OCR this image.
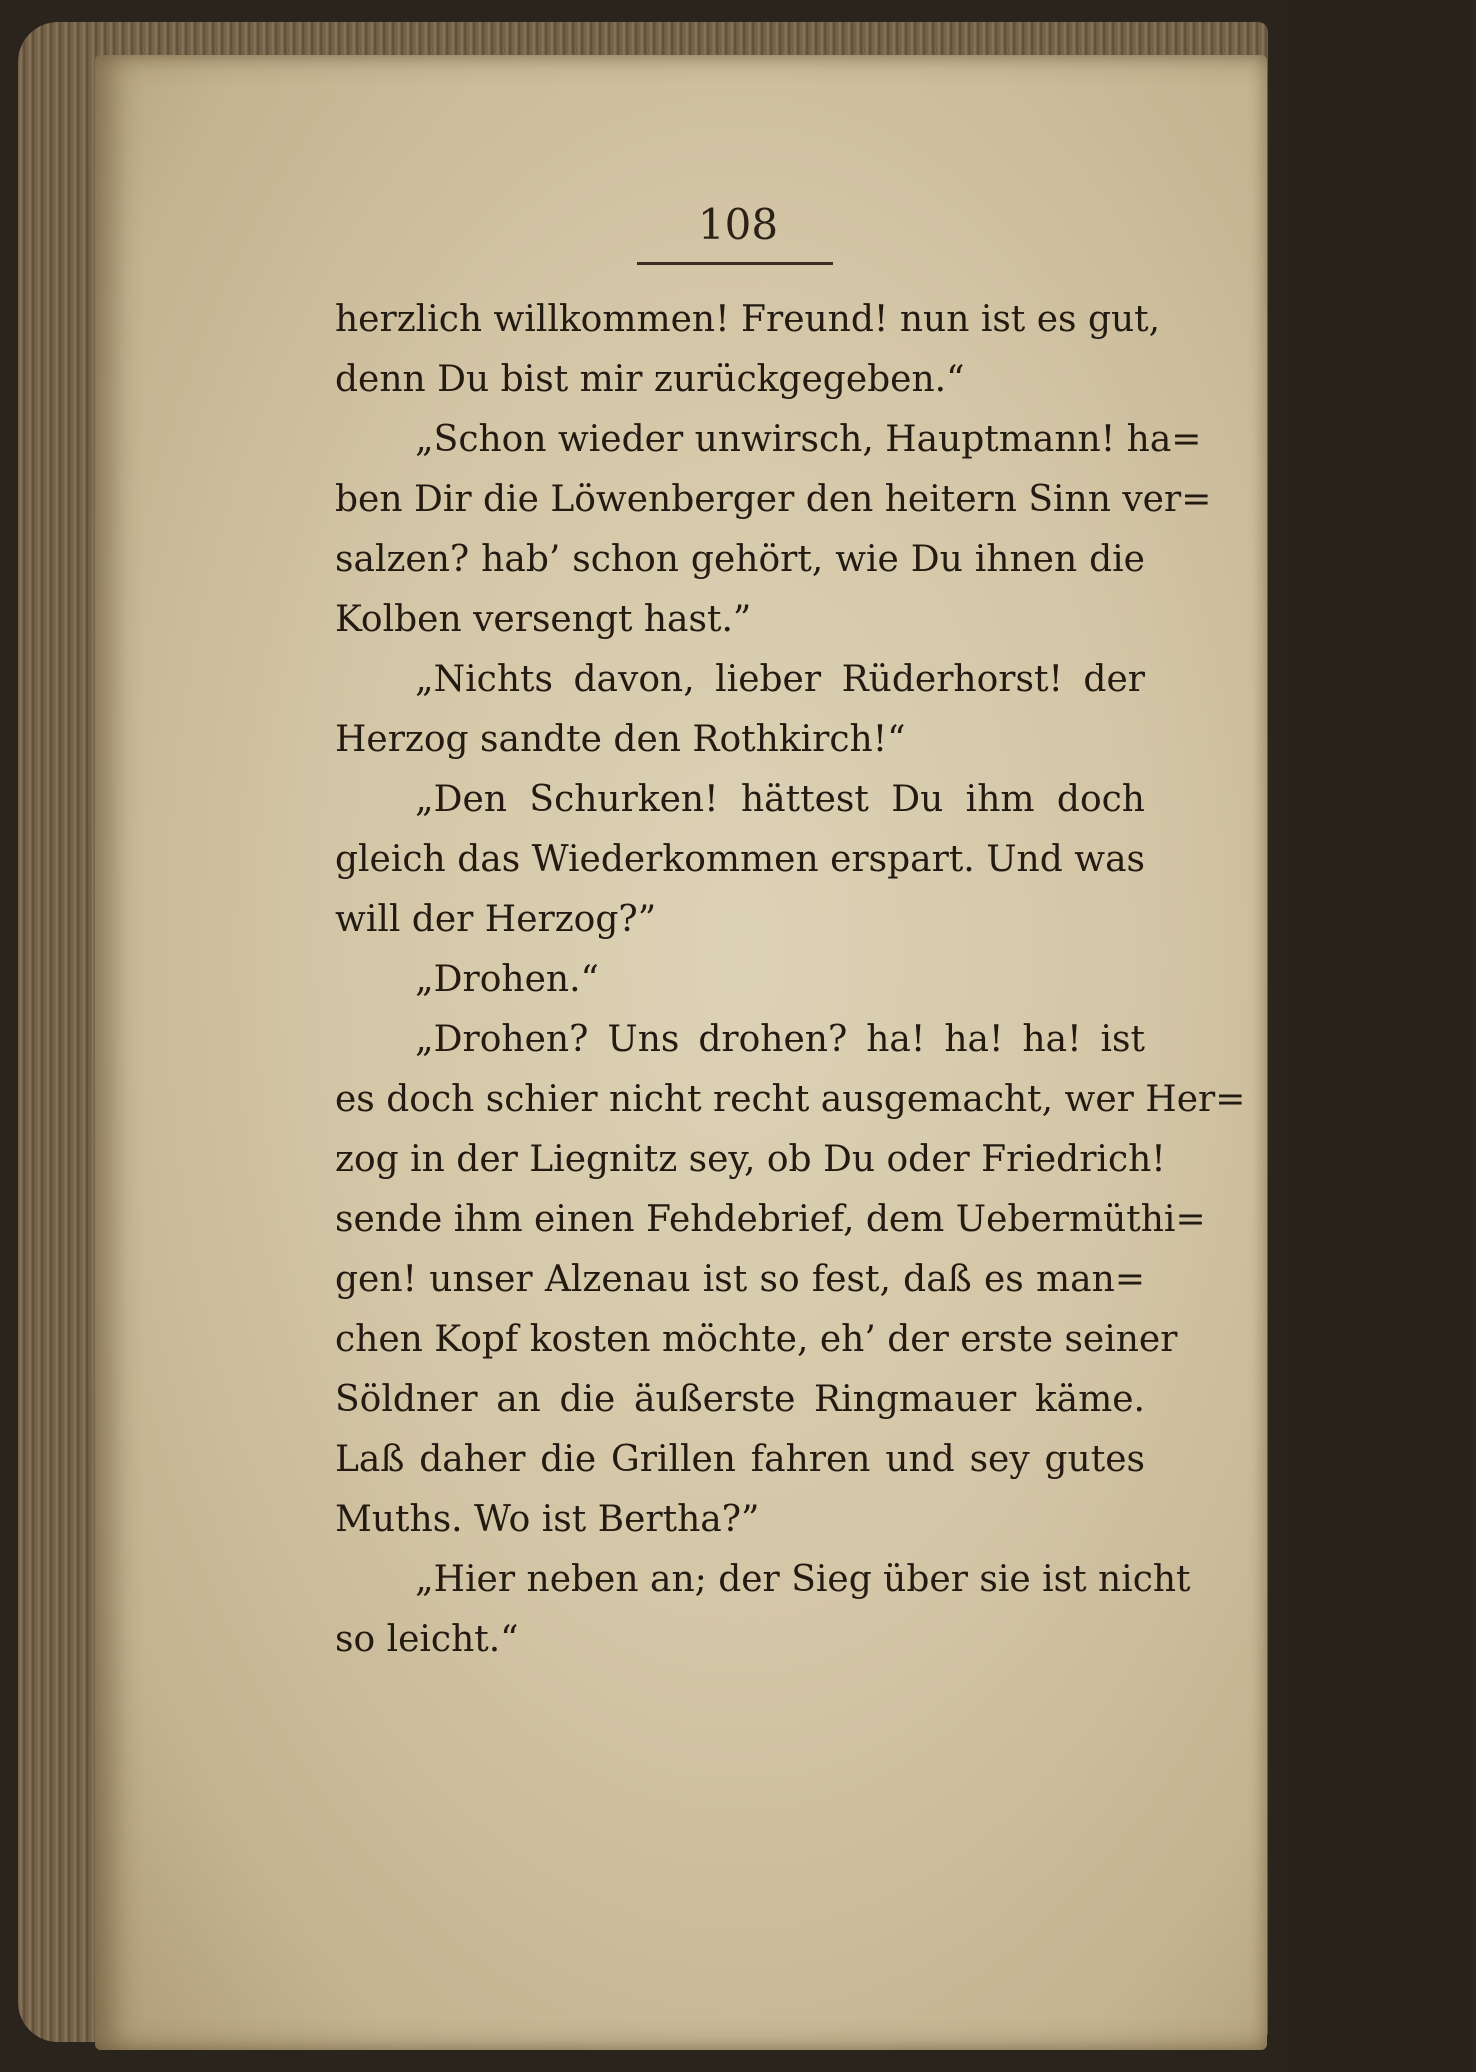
108
herzlich willkommen! Freund! nun ist es gut,
denn Du bist mir zurückgegeben.“
„Schon wieder unwirsch, Hauptmann! ha=
ben Dir die Löwenberger den heitern Sinn ver=
salzen? hab’ schon gehört, wie Du ihnen die
Kolben versengt hast.”
„Nichts davon, lieber Rüderhorst! der
Herzog sandte den Rothkirch!“
„Den Schurken! hättest Du ihm doch
gleich das Wiederkommen erspart. Und was
will der Herzog?”
„Drohen.“
„Drohen? Uns drohen? ha! ha! ha! ist
es doch schier nicht recht ausgemacht, wer Her=
zog in der Liegnitz sey, ob Du oder Friedrich!
sende ihm einen Fehdebrief, dem Uebermüthi=
gen! unser Alzenau ist so fest, daß es man=
chen Kopf kosten möchte, eh’ der erste seiner
Söldner an die äußerste Ringmauer käme.
Laß daher die Grillen fahren und sey gutes
Muths. Wo ist Bertha?”
„Hier neben an; der Sieg über sie ist nicht
so leicht.“
